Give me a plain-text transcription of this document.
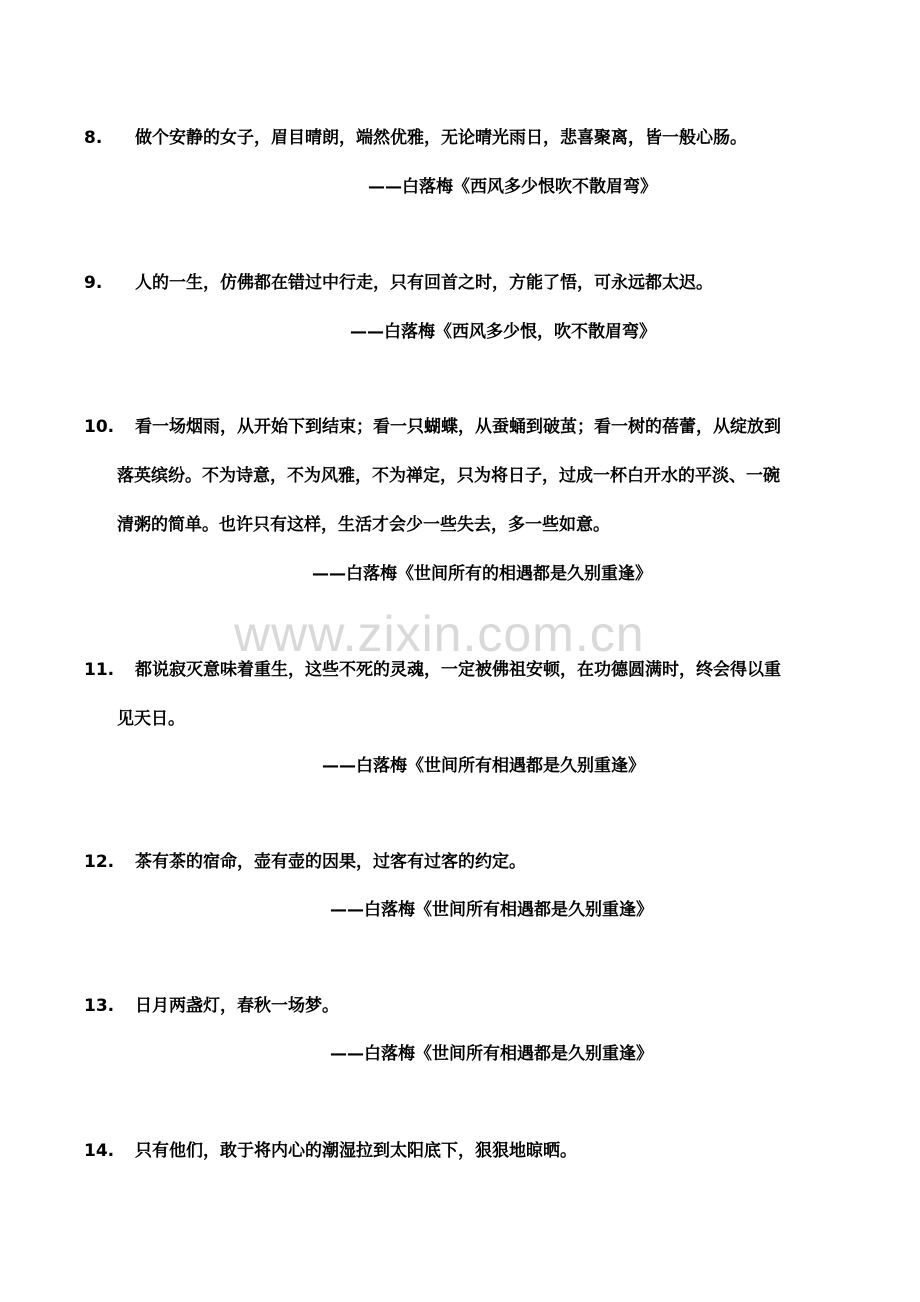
www.zixin.com.cn
8. 做个安静的女子，眉目晴朗，端然优雅，无论晴光雨日，悲喜聚离，皆一般心肠。
——白落梅《西风多少恨吹不散眉弯》
9. 人的一生，仿佛都在错过中行走，只有回首之时，方能了悟，可永远都太迟。
——白落梅《西风多少恨，吹不散眉弯》
10. 看一场烟雨，从开始下到结束；看一只蝴蝶，从蚕蛹到破茧；看一树的蓓蕾，从绽放到
落英缤纷。不为诗意，不为风雅，不为禅定，只为将日子，过成一杯白开水的平淡、一碗
清粥的简单。也许只有这样，生活才会少一些失去，多一些如意。
——白落梅《世间所有的相遇都是久别重逢》
11. 都说寂灭意味着重生，这些不死的灵魂，一定被佛祖安顿，在功德圆满时，终会得以重
见天日。
——白落梅《世间所有相遇都是久别重逢》
12. 茶有茶的宿命，壶有壶的因果，过客有过客的约定。
——白落梅《世间所有相遇都是久别重逢》
13. 日月两盏灯，春秋一场梦。
——白落梅《世间所有相遇都是久别重逢》
14. 只有他们，敢于将内心的潮湿拉到太阳底下，狠狠地晾晒。
